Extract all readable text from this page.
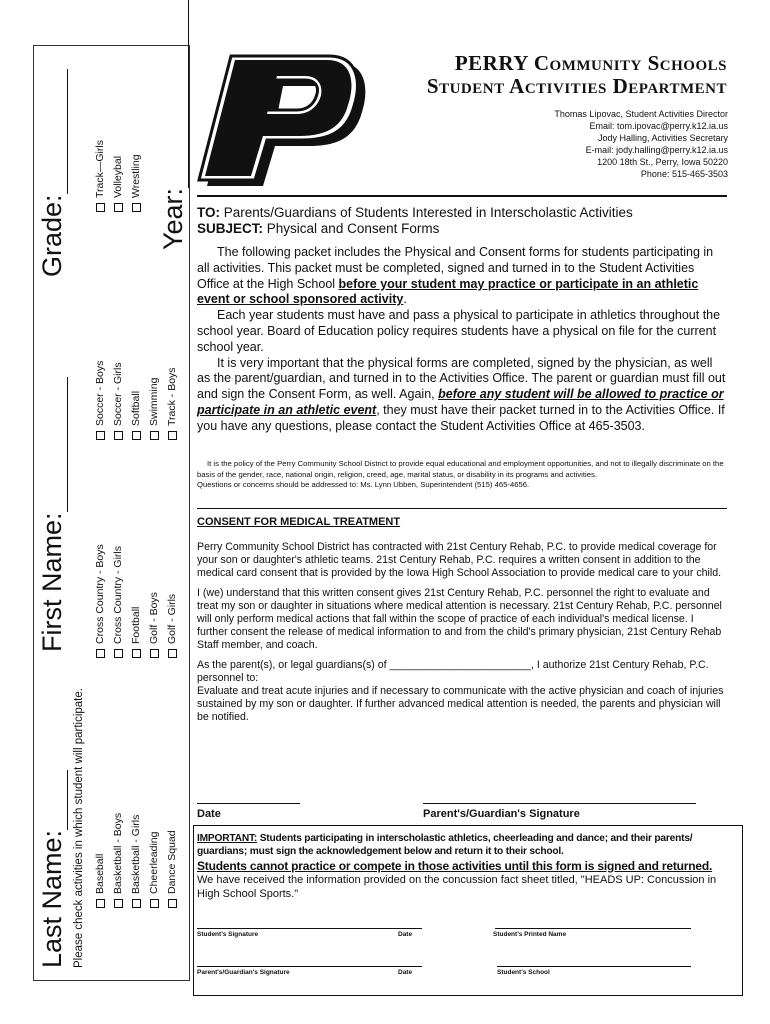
Last Name:
First Name:
Grade:
Please check activities in which student will participate. Baseball Basketball - Boys Basketball - Girls Cheerleading Dance Squad
Cross Country - Boys Cross Country - Girls Football Golf - Boys Golf - Girls
Soccer - Boys Soccer - Girls Softball Swimming Track - Boys
Track—Girls Volleybal Wrestling
Year:
PERRY Community Schools
Student Activities Department
Thomas Lipovac, Student Activities Director
Email: tom.ipovac@perry.k12.ia.us
Jody Halling, Activities Secretary
E-mail: jody.halling@perry.k12.ia.us
1200 18th St., Perry, Iowa 50220
Phone: 515-465-3503
TO: Parents/Guardians of Students Interested in Interscholastic Activities
SUBJECT: Physical and Consent Forms

The following packet includes the Physical and Consent forms for students participating in all activities. This packet must be completed, signed and turned in to the Student Activities Office at the High School before your student may practice or participate in an athletic event or school sponsored activity.

Each year students must have and pass a physical to participate in athletics throughout the school year. Board of Education policy requires students have a physical on file for the current school year.

It is very important that the physical forms are completed, signed by the physician, as well as the parent/guardian, and turned in to the Activities Office. The parent or guardian must fill out and sign the Consent Form, as well. Again, before any student will be allowed to practice or participate in an athletic event, they must have their packet turned in to the Activities Office. If you have any questions, please contact the Student Activities Office at 465-3503.

It is the policy of the Perry Community School District to provide equal educational and employment opportunities, and not to illegally discriminate on the basis of the gender, race, national origin, religion, creed, age, marital status, or disability in its programs and activities.

Questions or concerns should be addressed to: Ms. Lynn Ubben, Superintendent (515) 465-4656.

CONSENT FOR MEDICAL TREATMENT

Perry Community School District has contracted with 21st Century Rehab, P.C. to provide medical coverage for your son or daughter's athletic teams. 21st Century Rehab, P.C. requires a written consent in addition to the medical card consent that is provided by the Iowa High School Association to provide medical care to your child.

I (we) understand that this written consent gives 21st Century Rehab, P.C. personnel the right to evaluate and treat my son or daughter in situations where medical attention is necessary. 21st Century Rehab, P.C. personnel will only perform medical actions that fall within the scope of practice of each individual's medical license. I further consent the release of medical information to and from the child's primary physician, 21st Century Rehab Staff member, and coach.

As the parent(s), or legal guardians(s) of ________________________, I authorize 21st Century Rehab, P.C. personnel to:

Evaluate and treat acute injuries and if necessary to communicate with the active physician and coach of injuries sustained by my son or daughter. If further advanced medical attention is needed, the parents and physician will be notified.

Date	Parent's/Guardian's Signature
IMPORTANT: Students participating in interscholastic athletics, cheerleading and dance; and their parents/ guardians; must sign the acknowledgement below and return it to their school.
Students cannot practice or compete in those activities until this form is signed and returned.
We have received the information provided on the concussion fact sheet titled, "HEADS UP: Concussion in High School Sports."
Student's Signature	Date	Student's Printed Name
Parent's/Guardian's Signature	Date	Student's School
